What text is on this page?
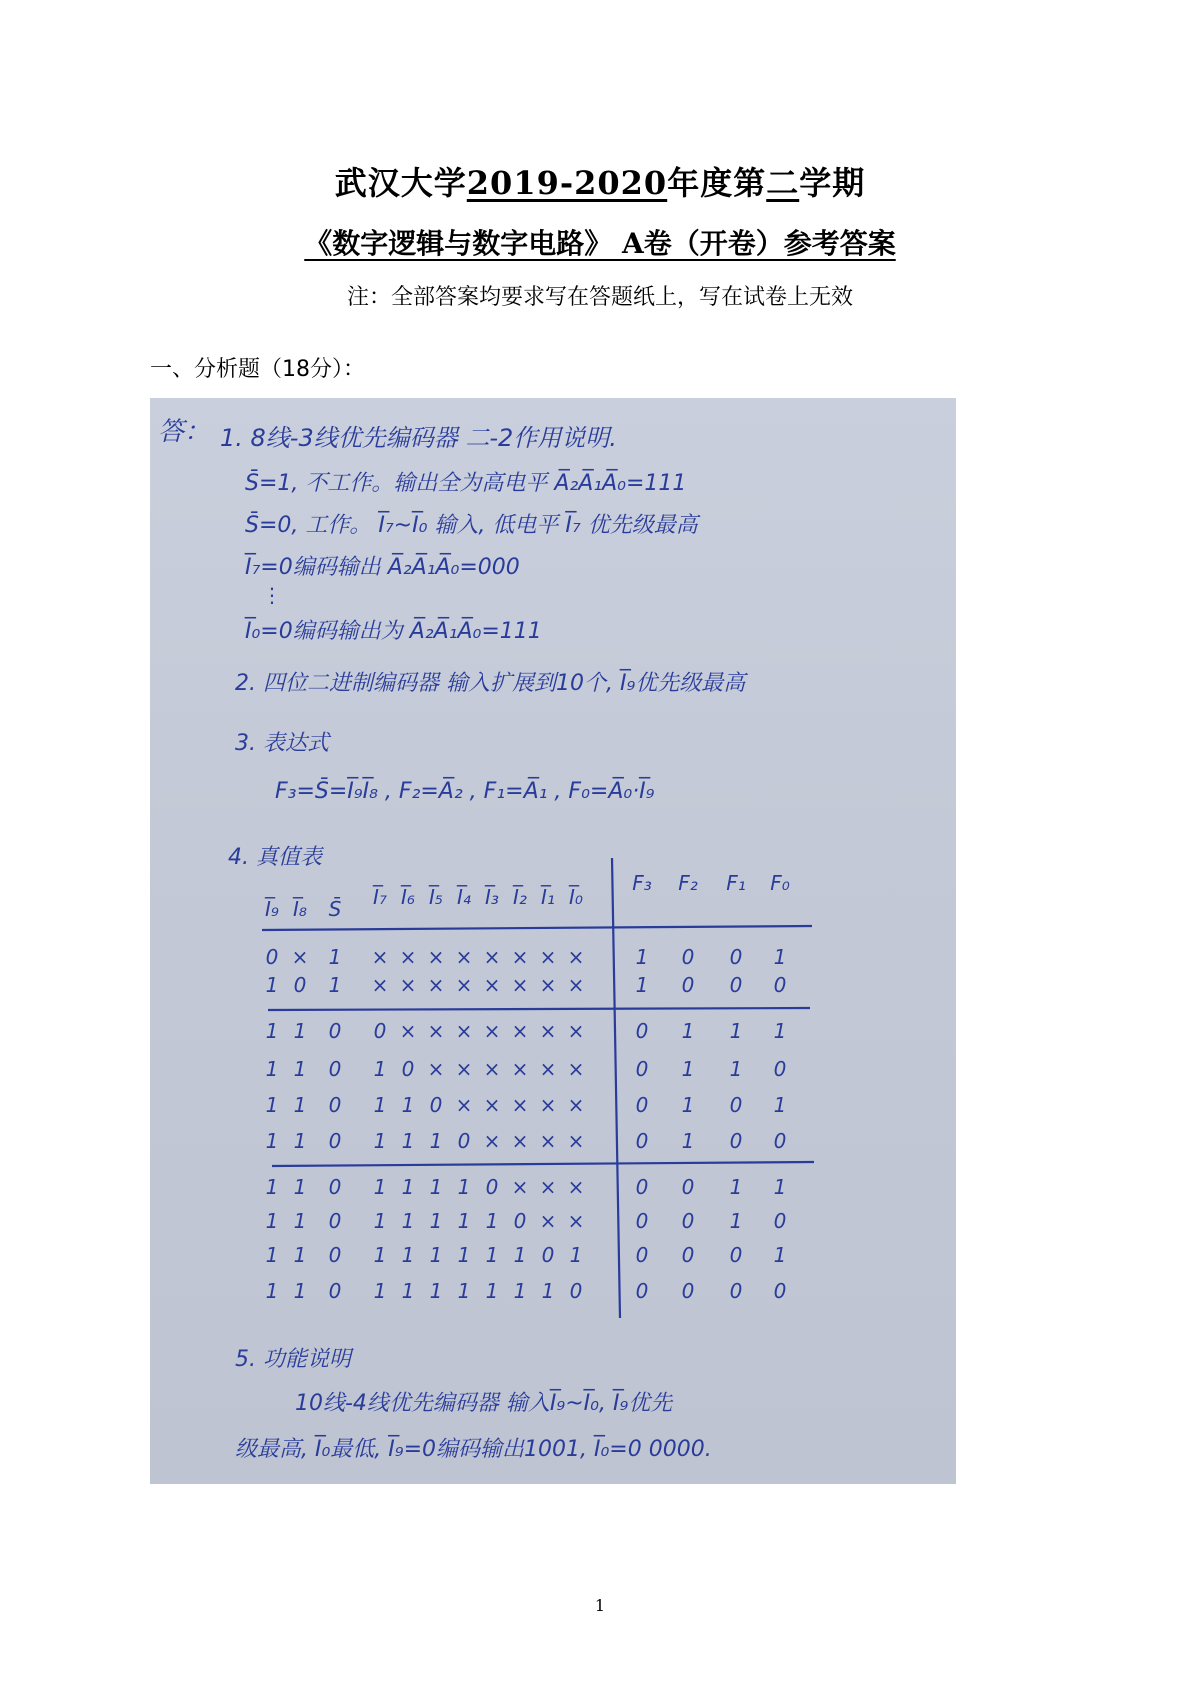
武汉大学2019-2020年度第二学期
《数字逻辑与数字电路》 A卷（开卷）参考答案
注：全部答案均要求写在答题纸上，写在试卷上无效
一、分析题（18分）：
答： 1. 8线-3线优先编码器 二-2作用说明.
S̄=1, 不工作。输出全为高电平 A̅₂A̅₁A̅₀=111
S̄=0, 工作。 I̅₇~I̅₀ 输入, 低电平 I̅₇ 优先级最高
I̅₇=0编码输出 A̅₂A̅₁A̅₀=000
⋮
I̅₀=0编码输出为 A̅₂A̅₁A̅₀=111
2. 四位二进制编码器 输入扩展到10个, I̅₉优先级最高
3. 表达式
F₃=S̄=I̅₉I̅₈ , F₂=A̅₂ , F₁=A̅₁ , F₀=A̅₀·I̅₉
4. 真值表
I̅₉ I̅₈ S̄ I̅₇ I̅₆ I̅₅ I̅₄ I̅₃ I̅₂ I̅₁ I̅₀
F₃ F₂ F₁ F₀
0 × 1 × × × × × × × ×	1 0 0 1
1 0 1 × × × × × × × ×	1 0 0 0
1 1 0 0 × × × × × × ×	0 1 1 1
1 1 0 1 0 × × × × × ×	0 1 1 0
1 1 0 1 1 0 × × × × ×	0 1 0 1
1 1 0 1 1 1 0 × × × ×	0 1 0 0
1 1 0 1 1 1 1 0 × × ×	0 0 1 1
1 1 0 1 1 1 1 1 0 × ×	0 0 1 0
1 1 0 1 1 1 1 1 1 0 1	0 0 0 1
1 1 0 1 1 1 1 1 1 1 0	0 0 0 0
5. 功能说明
10线-4线优先编码器 输入I̅₉~I̅₀, I̅₉优先
级最高, I̅₀最低, I̅₉=0编码输出1001, I̅₀=0 0000.
1
